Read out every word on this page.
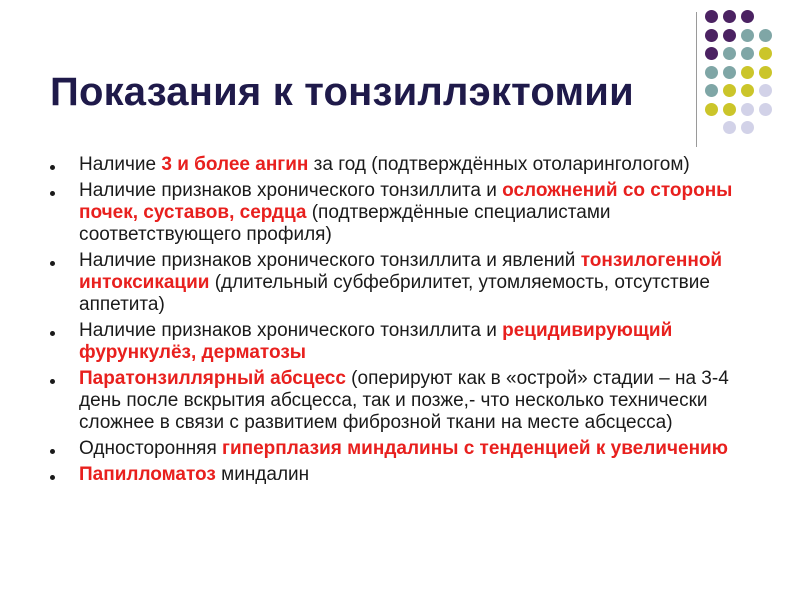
Показания к тонзиллэктомии
Наличие 3 и более ангин за год (подтверждённых отоларингологом)
Наличие признаков хронического тонзиллита и осложнений со стороны почек, суставов, сердца (подтверждённые специалистами соответствующего профиля)
Наличие признаков хронического тонзиллита и явлений тонзилогенной интоксикации (длительный субфебрилитет, утомляемость, отсутствие аппетита)
Наличие признаков хронического тонзиллита и рецидивирующий фурункулёз, дерматозы
Паратонзиллярный абсцесс (оперируют как в «острой» стадии – на 3-4 день после вскрытия абсцесса, так и позже,- что несколько технически сложнее в связи с развитием фиброзной ткани на месте абсцесса)
Односторонняя гиперплазия миндалины с тенденцией к увеличению
Папилломатоз миндалин
